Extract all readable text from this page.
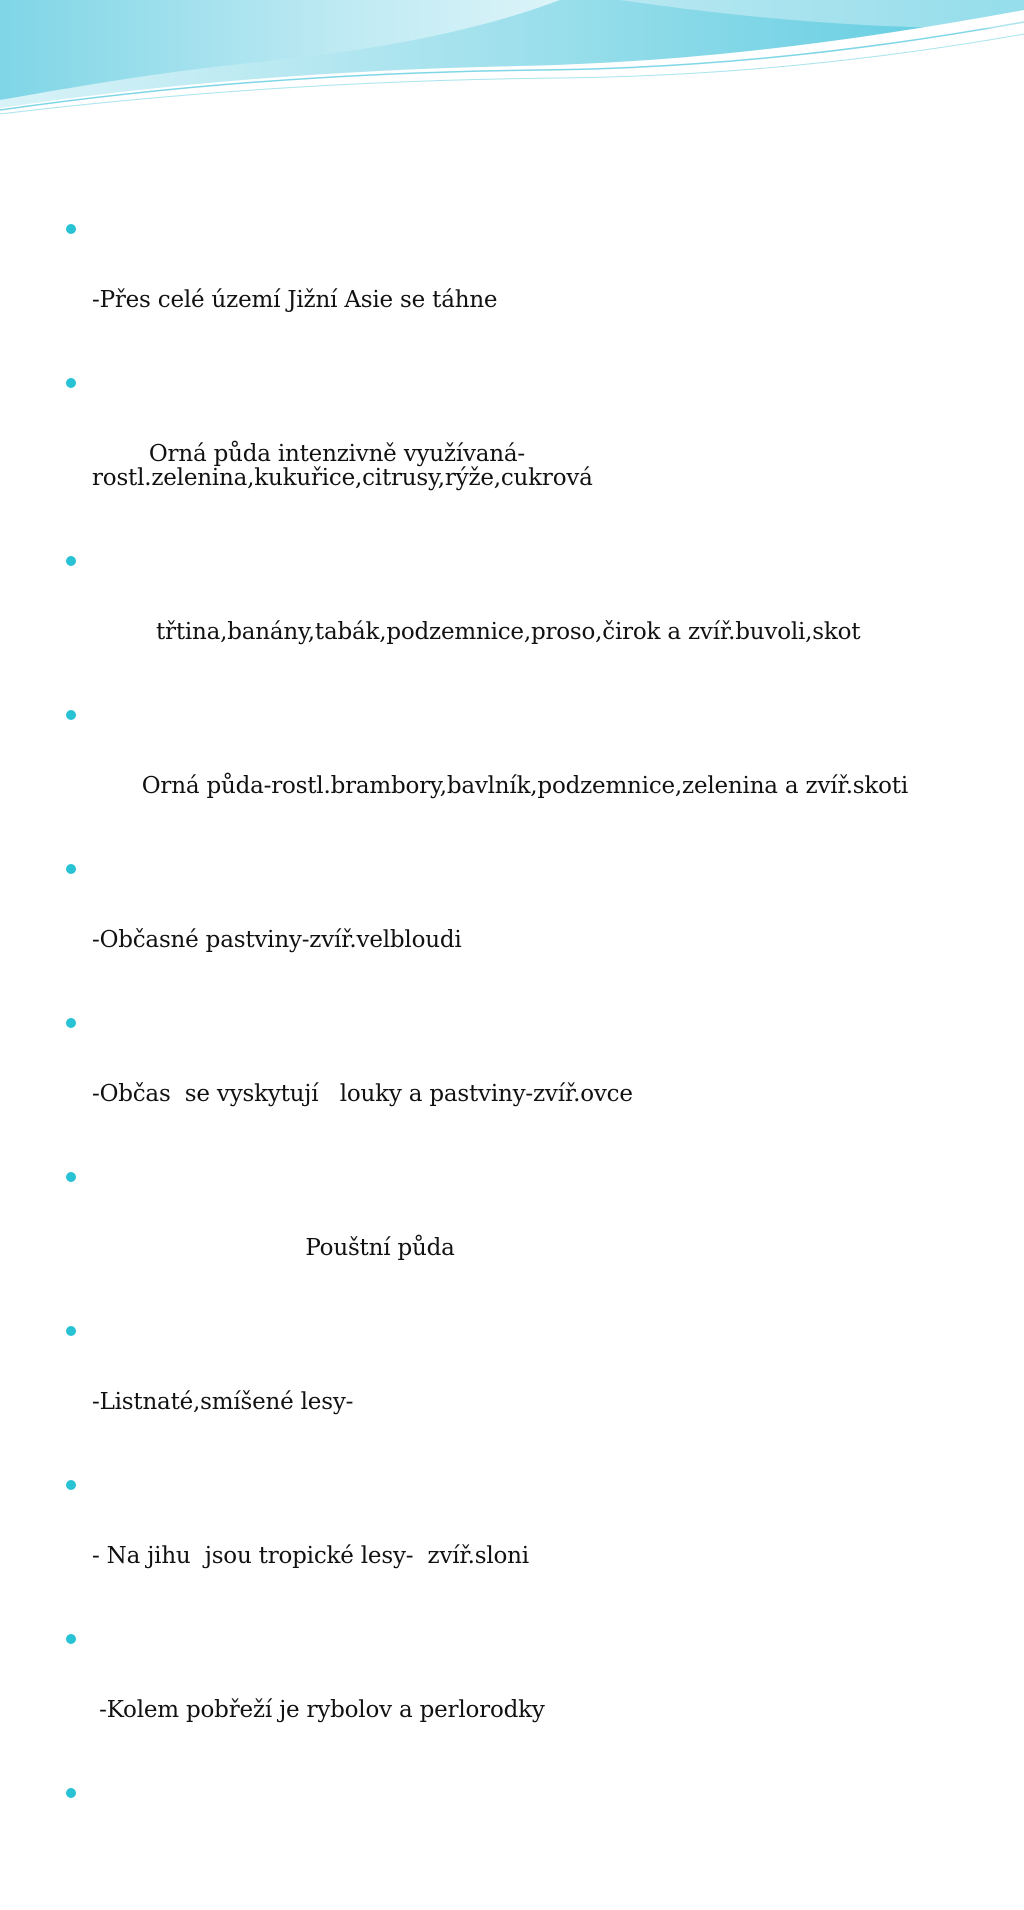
-Přes celé území Jižní Asie se táhne

Orná půda intenzivně využívaná-
rostl.zelenina,kukuřice,citrusy,rýže,cukrová

třtina,banány,tabák,podzemnice,proso,čirok a zvíř.buvoli,skot

Orná půda-rostl.brambory,bavlník,podzemnice,zelenina a zvíř.skoti

-Občasné pastviny-zvíř.velbloudi

-Občas  se vyskytují   louky a pastviny-zvíř.ovce

Pouštní půda

-Listnaté,smíšené lesy-

- Na jihu  jsou tropické lesy-  zvíř.sloni

-Kolem pobřeží je rybolov a perlorodky
